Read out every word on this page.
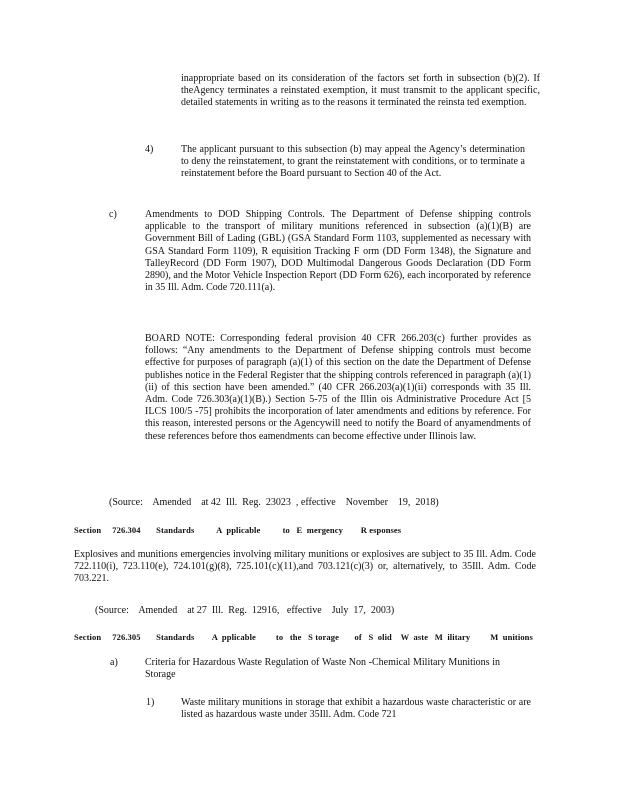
inappropriate based on its consideration of the factors set forth in subsection (b)(2). If theAgency terminates a reinstated exemption, it must transmit to the applicant specific, detailed statements in writing as to the reasons it terminated the reinsta ted exemption.

4)	The applicant pursuant to this subsection (b) may appeal the Agency’s determination to deny the reinstatement, to grant the reinstatement with conditions, or to terminate a reinstatement before the Board pursuant to Section 40 of the Act.

c)	Amendments to DOD Shipping Controls. The Department of Defense shipping controls applicable to the transport of military munitions referenced in subsection (a)(1)(B) are Government Bill of Lading (GBL) (GSA Standard Form 1103, supplemented as necessary with GSA Standard Form 1109), R equisition Tracking F orm (DD Form 1348), the Signature and TalleyRecord (DD Form 1907), DOD Multimodal Dangerous Goods Declaration (DD Form 2890), and the Motor Vehicle Inspection Report (DD Form 626), each incorporated by reference in 35 Ill. Adm. Code 720.111(a).

BOARD NOTE: Corresponding federal provision 40 CFR 266.203(c) further provides as follows: “Any amendments to the Department of Defense shipping controls must become effective for purposes of paragraph (a)(1) of this section on the date the Department of Defense publishes notice in the Federal Register that the shipping controls referenced in paragraph (a)(1)(ii) of this section have been amended.” (40 CFR 266.203(a)(1)(ii) corresponds with 35 Ill. Adm. Code 726.303(a)(1)(B).) Section 5-75 of the Illin ois Administrative Procedure Act [5 ILCS 100/5 -75] prohibits the incorporation of later amendments and editions by reference. For this reason, interested persons or the Agencywill need to notify the Board of anyamendments of these references before thos eamendments can become effective under Illinois law.

(Source:    Amended    at 42  Ill.  Reg.  23023  , effective    November    19,  2018)

Section     726.304       Standards          A  pplicable          to   E  mergency        R esponses

Explosives and munitions emergencies involving military munitions or explosives are subject to 35 Ill. Adm. Code 722.110(i), 723.110(e), 724.101(g)(8), 725.101(c)(11),and 703.121(c)(3) or, alternatively, to 35Ill. Adm. Code 703.221.

(Source:    Amended    at 27  Ill.  Reg.  12916,   effective    July  17,  2003)

Section     726.305       Standards        A  pplicable         to   the   S torage       of   S  olid    W  aste   M  ilitary         M  unitions

a)	Criteria for Hazardous Waste Regulation of Waste Non -Chemical Military Munitions in Storage

1)	Waste military munitions in storage that exhibit a hazardous waste characteristic or are listed as hazardous waste under 35Ill. Adm. Code 721
